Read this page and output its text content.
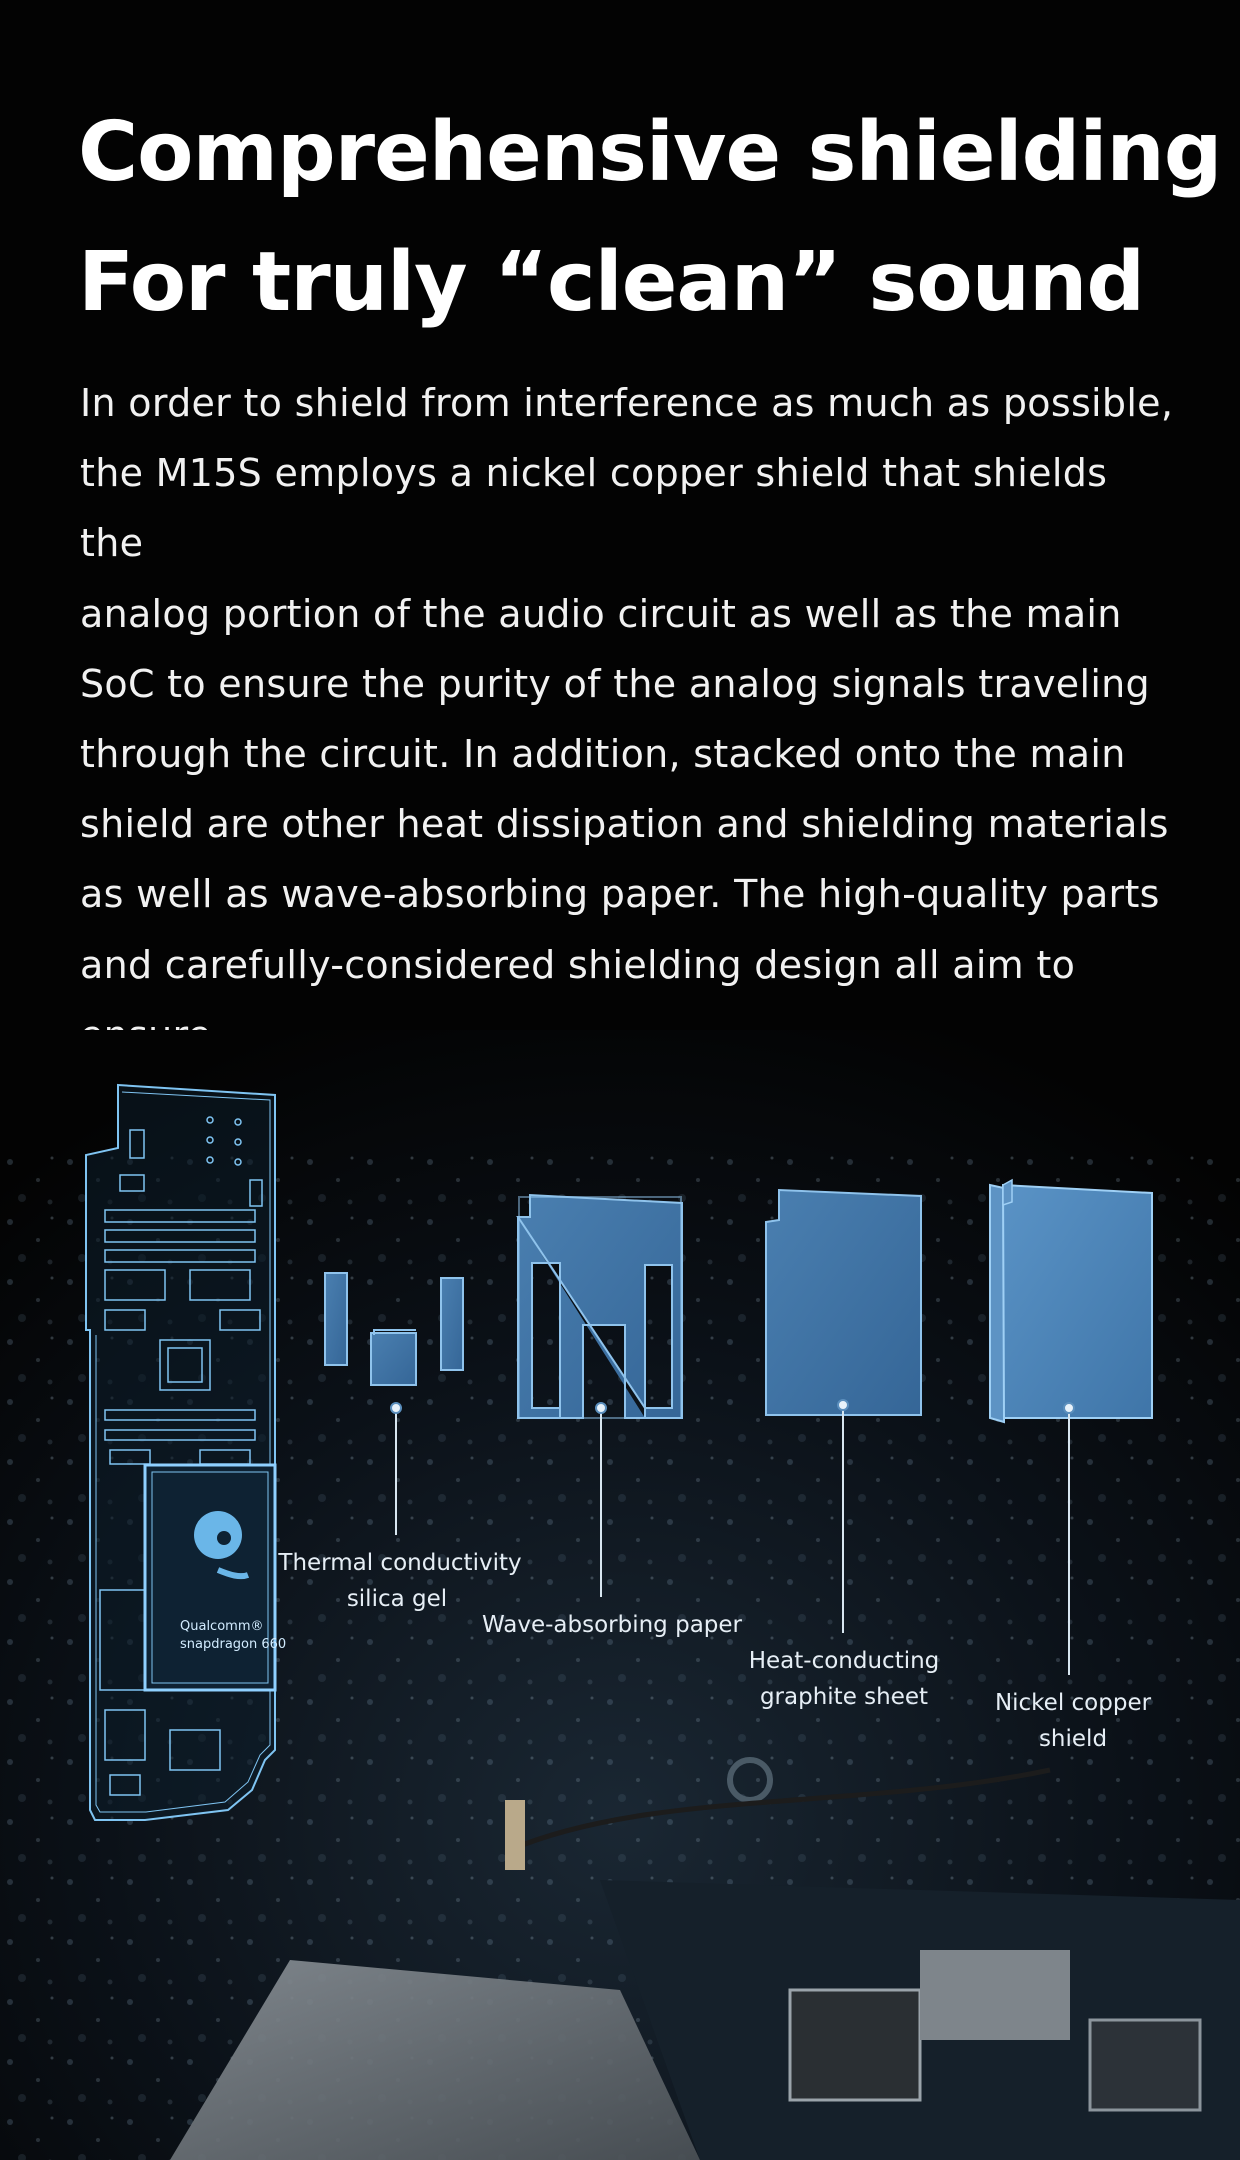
Comprehensive shielding
For truly “clean” sound
In order to shield from interference as much as possible,
the M15S employs a nickel copper shield that shields the
analog portion of the audio circuit as well as the main
SoC to ensure the purity of the analog signals traveling
through the circuit. In addition, stacked onto the main
shield are other heat dissipation and shielding materials
as well as wave-absorbing paper. The high-quality parts
and carefully-considered shielding design all aim to
Qualcomm®
snapdragon 660
Thermal conductivity
silica gel
Wave-absorbing paper
Heat-conducting
graphite sheet	Nickel copper
shield
